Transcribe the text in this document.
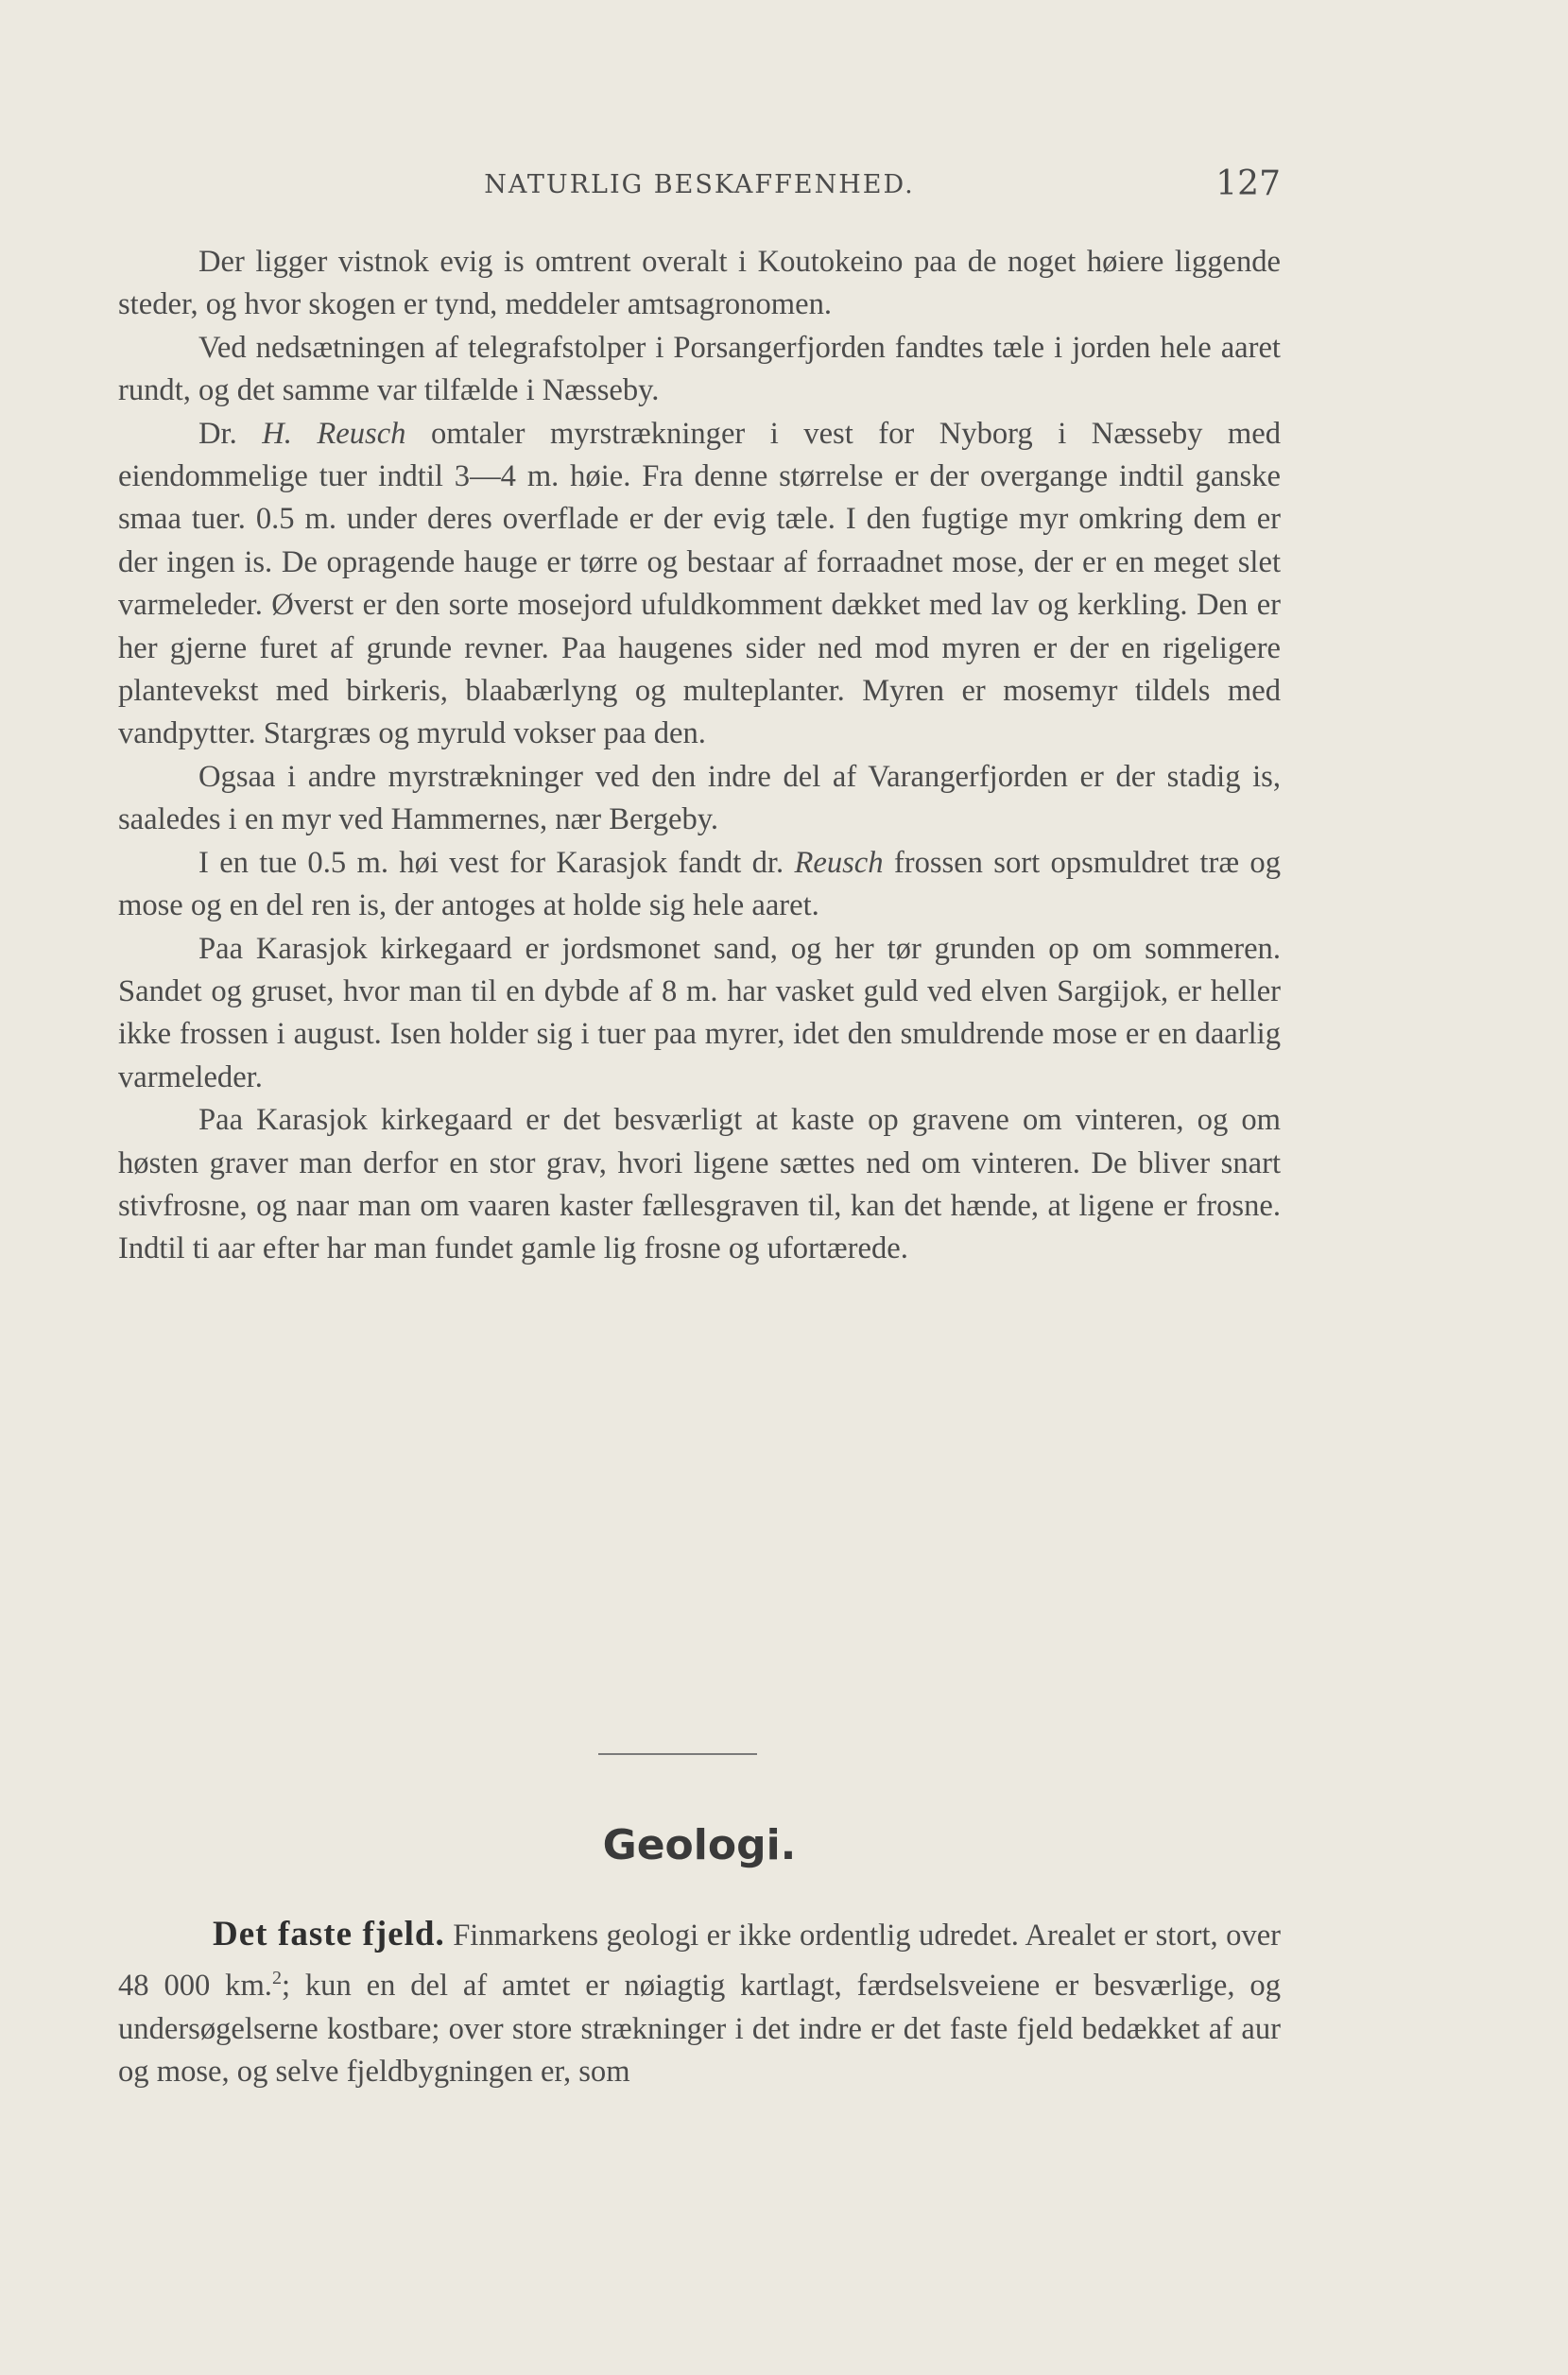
NATURLIG BESKAFFENHED.	127

Der ligger vistnok evig is omtrent overalt i Koutokeino paa de noget høiere liggende steder, og hvor skogen er tynd, meddeler amtsagronomen.

Ved nedsætningen af telegrafstolper i Porsangerfjorden fandtes tæle i jorden hele aaret rundt, og det samme var tilfælde i Næsseby.

Dr. H. Reusch omtaler myrstrækninger i vest for Nyborg i Næsseby med eiendommelige tuer indtil 3—4 m. høie. Fra denne størrelse er der overgange indtil ganske smaa tuer. 0.5 m. under deres overflade er der evig tæle. I den fugtige myr omkring dem er der ingen is. De opragende hauge er tørre og bestaar af forraadnet mose, der er en meget slet varmeleder. Øverst er den sorte mosejord ufuldkomment dækket med lav og kerkling. Den er her gjerne furet af grunde revner. Paa haugenes sider ned mod myren er der en rigeligere plantevekst med birkeris, blaabærlyng og multeplanter. Myren er mosemyr tildels med vandpytter. Stargræs og myruld vokser paa den.

Ogsaa i andre myrstrækninger ved den indre del af Varangerfjorden er der stadig is, saaledes i en myr ved Hammernes, nær Bergeby.

I en tue 0.5 m. høi vest for Karasjok fandt dr. Reusch frossen sort opsmuldret træ og mose og en del ren is, der antoges at holde sig hele aaret.

Paa Karasjok kirkegaard er jordsmonet sand, og her tør grunden op om sommeren. Sandet og gruset, hvor man til en dybde af 8 m. har vasket guld ved elven Sargijok, er heller ikke frossen i august. Isen holder sig i tuer paa myrer, idet den smuldrende mose er en daarlig varmeleder.

Paa Karasjok kirkegaard er det besværligt at kaste op gravene om vinteren, og om høsten graver man derfor en stor grav, hvori ligene sættes ned om vinteren. De bliver snart stivfrosne, og naar man om vaaren kaster fællesgraven til, kan det hænde, at ligene er frosne. Indtil ti aar efter har man fundet gamle lig frosne og ufortærede.

Geologi.

Det faste fjeld. Finmarkens geologi er ikke ordentlig udredet. Arealet er stort, over 48 000 km.$^2$; kun en del af amtet er nøiagtig kartlagt, færdselsveiene er besværlige, og undersøgelserne kostbare; over store strækninger i det indre er det faste fjeld bedækket af aur og mose, og selve fjeldbygningen er, som
